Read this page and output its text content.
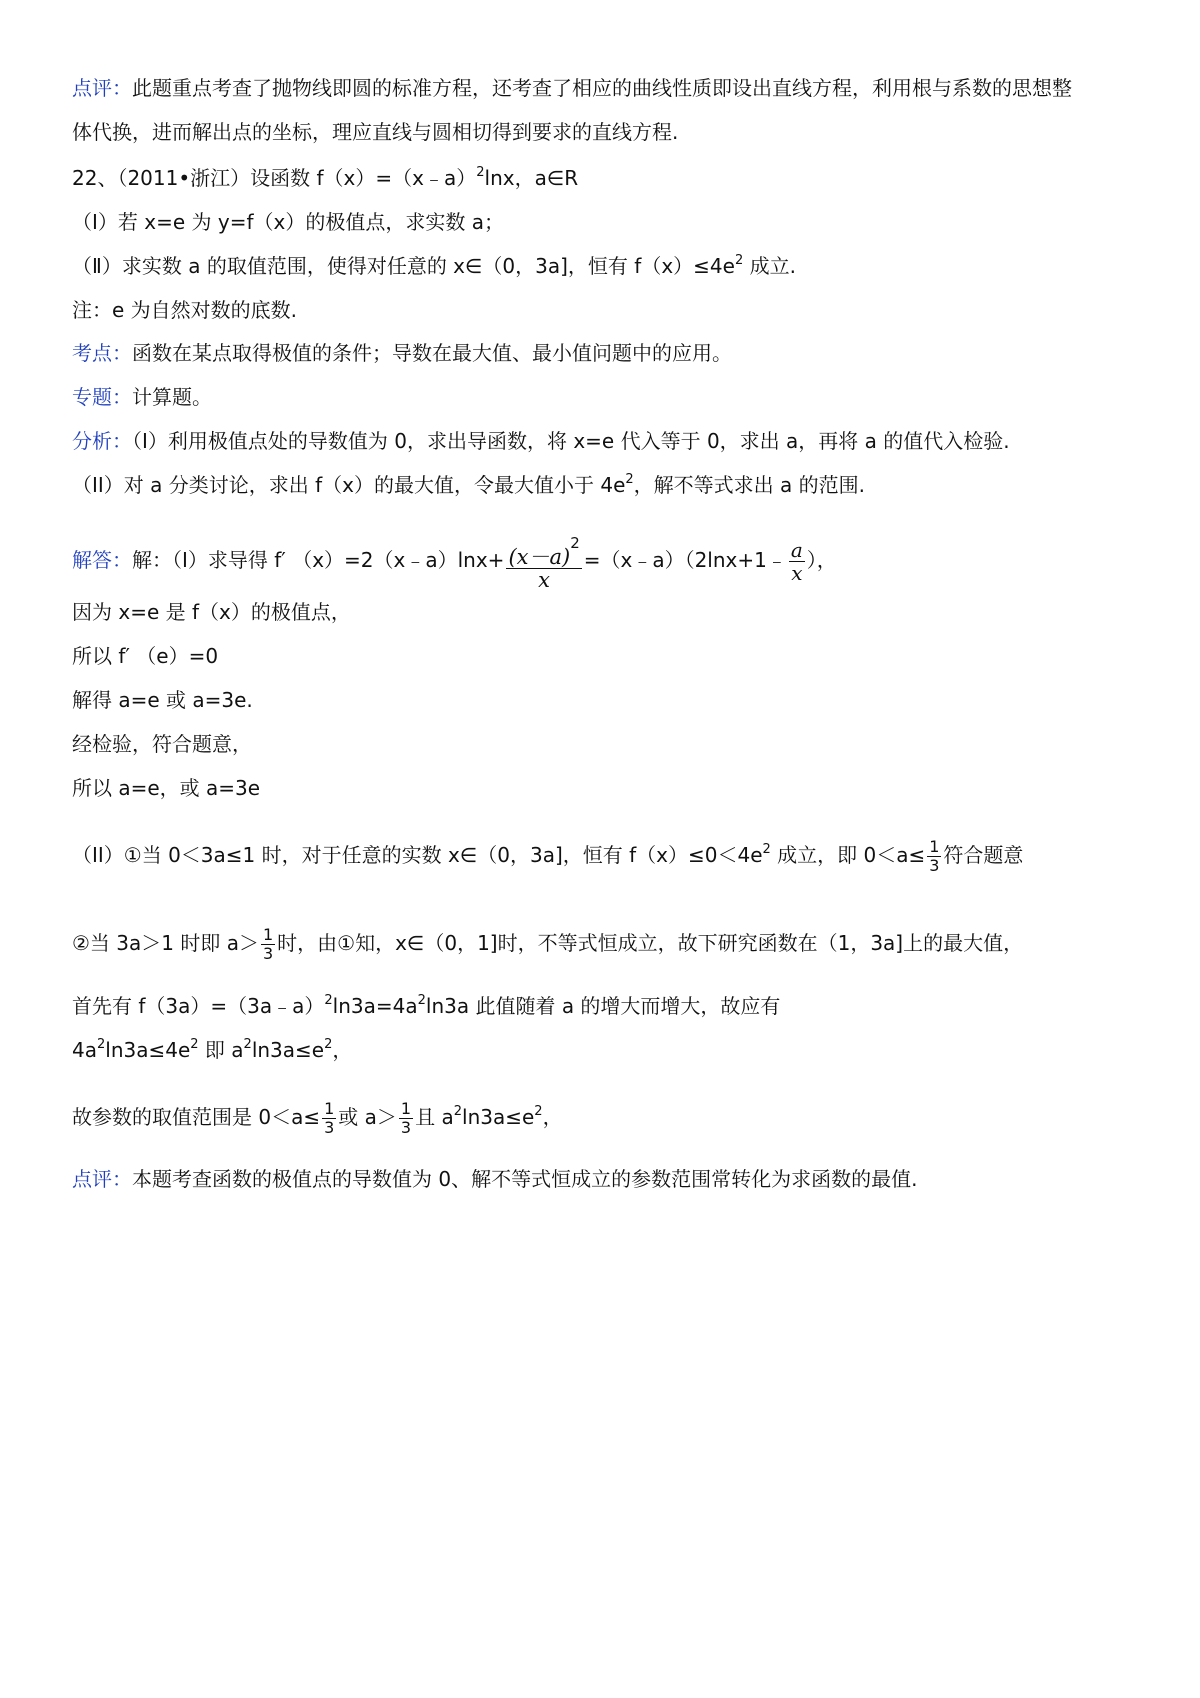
点评：此题重点考查了抛物线即圆的标准方程，还考查了相应的曲线性质即设出直线方程，利用根与系数的思想整
体代换，进而解出点的坐标，理应直线与圆相切得到要求的直线方程.
22、（2011•浙江）设函数 f（x）=（x﹣a）$^2$lnx，a∈R
（Ⅰ）若 x=e 为 y=f（x）的极值点，求实数 a；
（Ⅱ）求实数 a 的取值范围，使得对任意的 x∈（0，3a]，恒有 $f(x)\le 4e^2$ 成立.
注：e 为自然对数的底数.
考点：函数在某点取得极值的条件；导数在最大值、最小值问题中的应用。
专题：计算题。
分析：（I）利用极值点处的导数值为 0，求出导函数，将 x=e 代入等于 0，求出 a，再将 a 的值代入检验.
（II）对 a 分类讨论，求出 f（x）的最大值，令最大值小于 $4e^2$，解不等式求出 a 的范围.
解答：解：（I）求导得 f′ （x）=2（x﹣a）lnx+ $\frac{(x-a)^2}{x}$ =（x﹣a）（2lnx+1﹣ $\frac{a}{x}$ ），
因为 x=e 是 f（x）的极值点，
所以 f′ （e）=0
解得 a=e 或 a=3e.
经检验，符合题意，
所以 a=e，或 a=3e
（II）①当 0＜3a≤1 时，对于任意的实数 x∈（0，3a]，恒有 $f(x)\le 0<4e^2$ 成立，即 $0<a\le \frac{1}{3}$ 符合题意
②当 3a＞1 时即 $a> \frac{1}{3}$ 时，由①知，x∈（0，1]时，不等式恒成立，故下研究函数在（1，3a]上的最大值，
首先有 $f(3a)=(3a﹣a)^2\ln 3a=4a^2\ln 3a$ 此值随着 a 的增大而增大，故应有
$4a^2\ln 3a\le 4e^2$ 即 $a^2\ln 3a\le e^2$，
故参数的取值范围是 $0<a\le \frac{1}{3}$ 或 $a> \frac{1}{3}$ 且 $a^2\ln 3a\le e^2$，
点评：本题考查函数的极值点的导数值为 0、解不等式恒成立的参数范围常转化为求函数的最值.
